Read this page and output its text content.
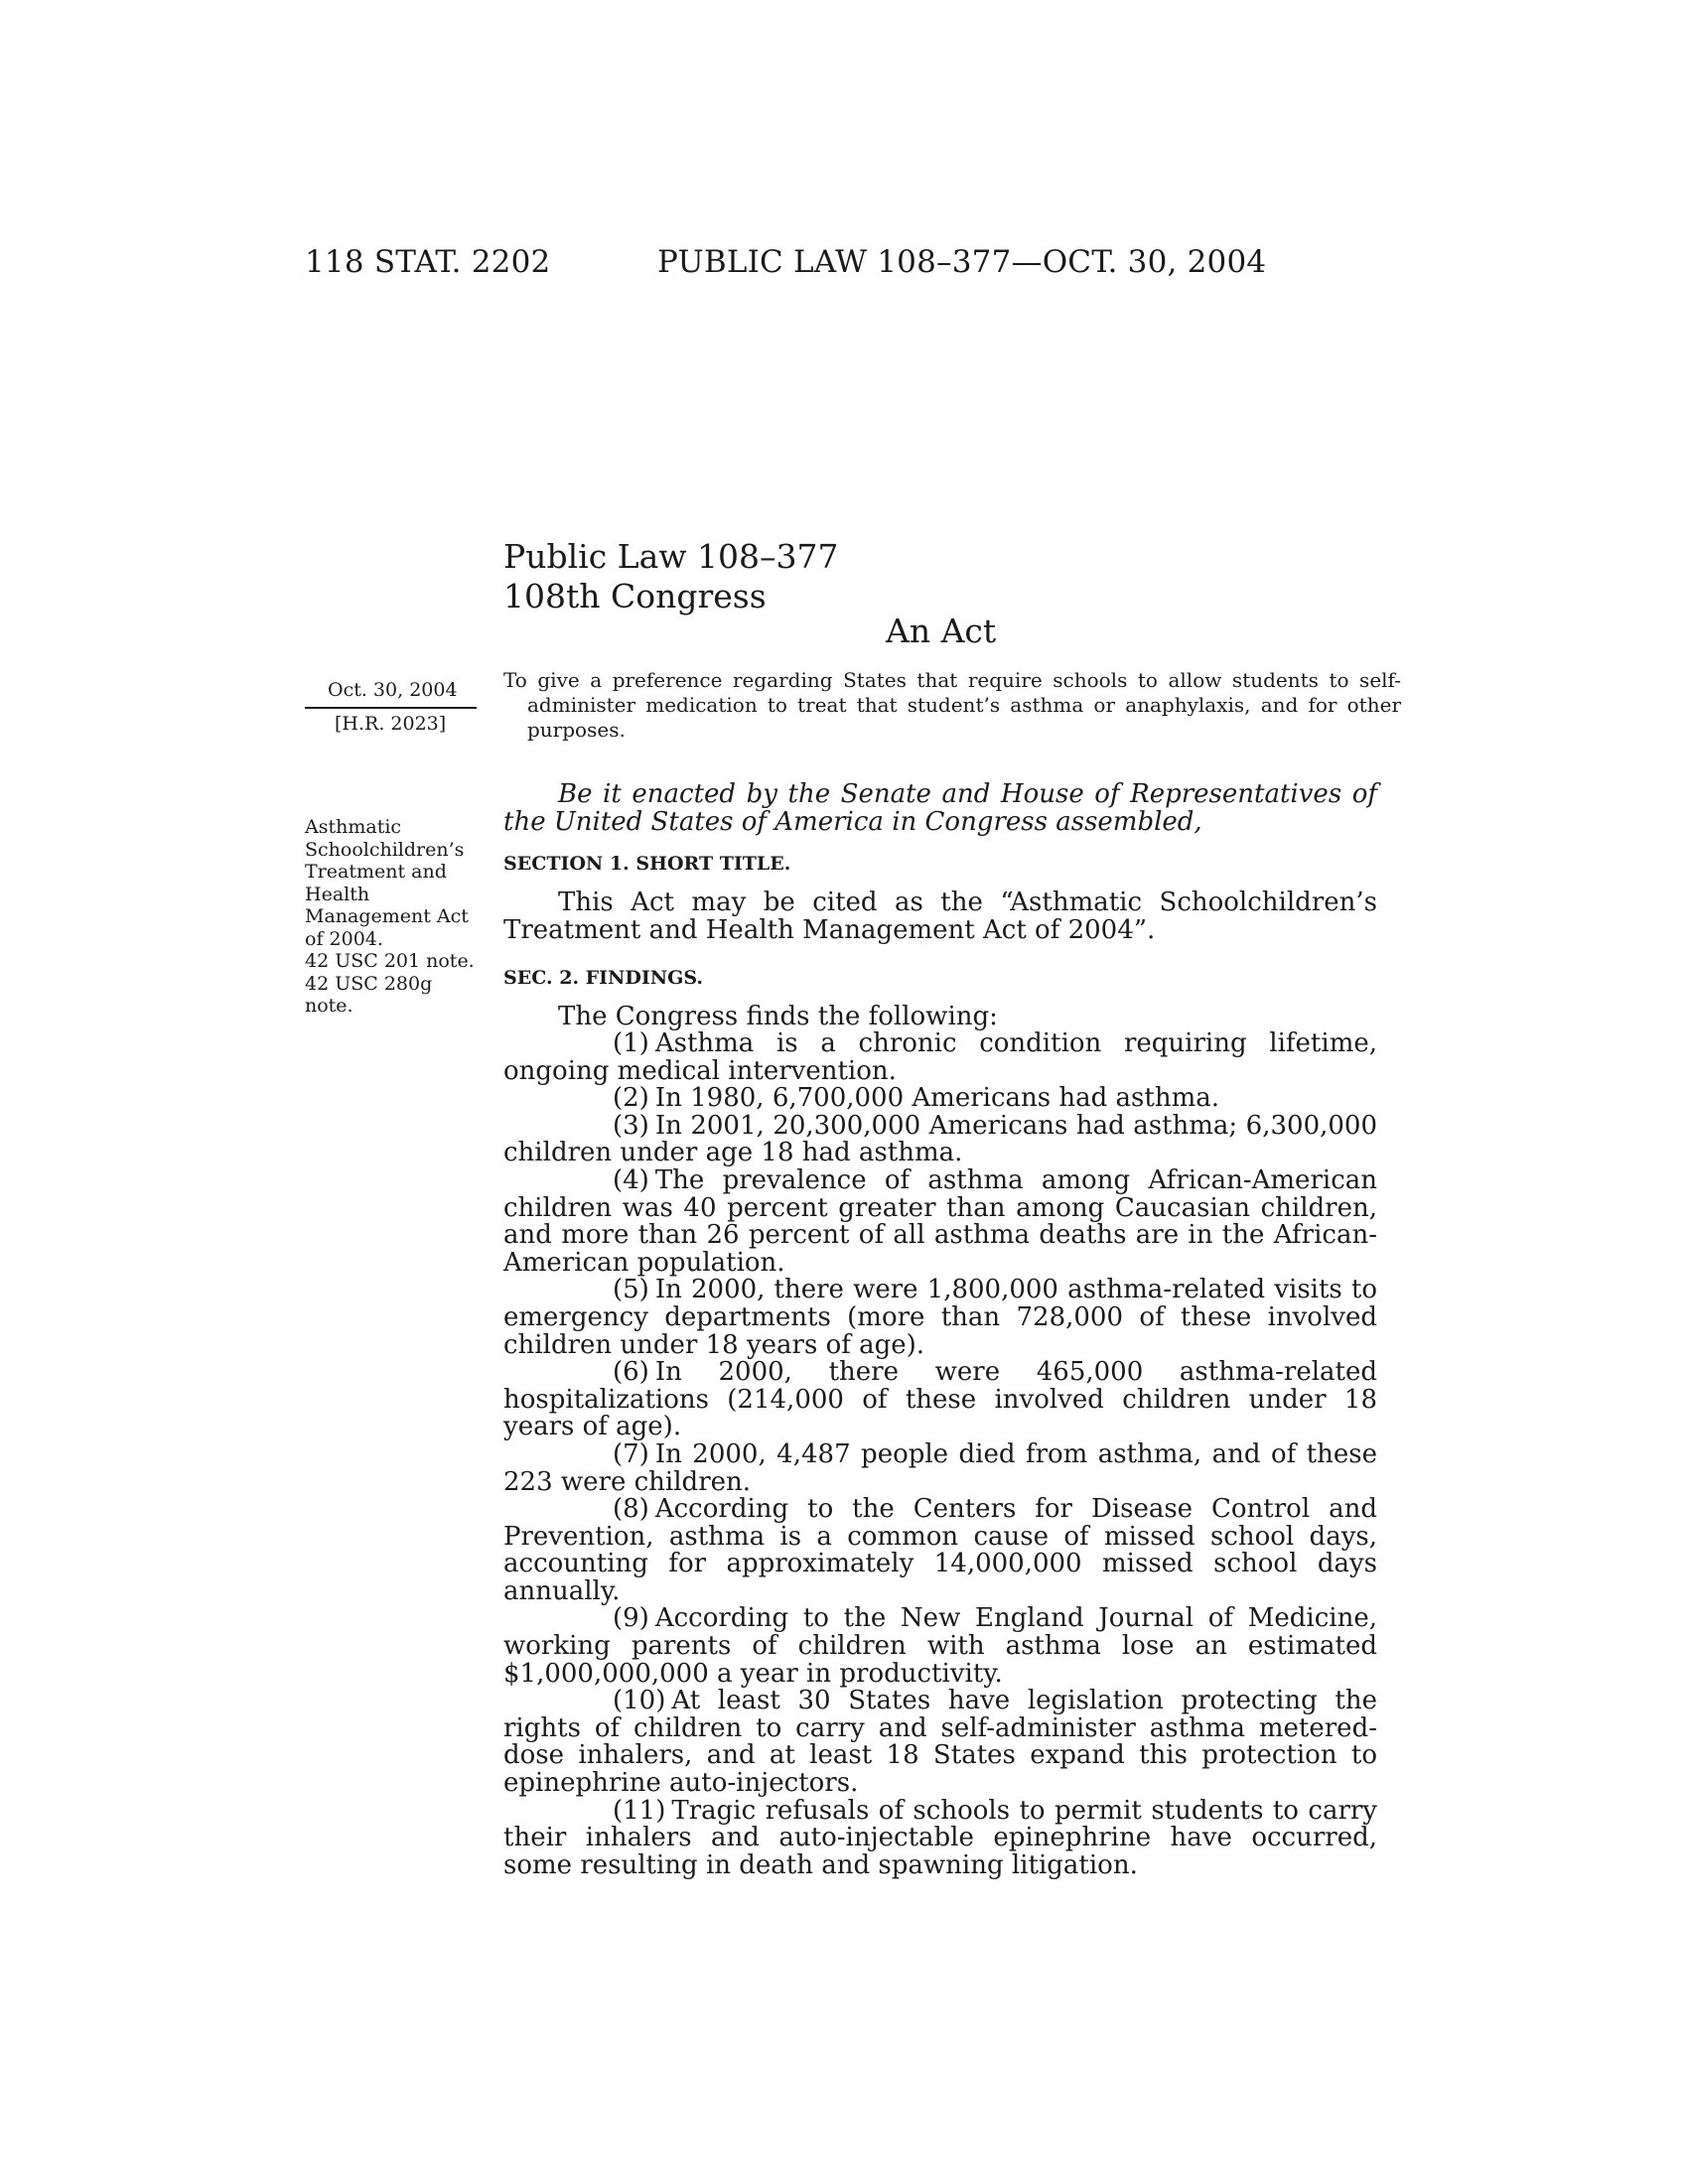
118 STAT. 2202	PUBLIC LAW 108–377—OCT. 30, 2004
Public Law 108–377
108th Congress
An Act
Oct. 30, 2004
[H.R. 2023]
To give a preference regarding States that require schools to allow students to self-administer medication to treat that student’s asthma or anaphylaxis, and for other purposes.
Asthmatic
Schoolchildren’s
Treatment and
Health
Management Act
of 2004.
42 USC 201 note.
42 USC 280g
note.

Be it enacted by the Senate and House of Representatives of the United States of America in Congress assembled,

SECTION 1. SHORT TITLE.

This Act may be cited as the “Asthmatic Schoolchildren’s Treatment and Health Management Act of 2004”.

SEC. 2. FINDINGS.

The Congress finds the following:

(1) Asthma is a chronic condition requiring lifetime, ongoing medical intervention.

(2) In 1980, 6,700,000 Americans had asthma.

(3) In 2001, 20,300,000 Americans had asthma; 6,300,000 children under age 18 had asthma.

(4) The prevalence of asthma among African-American children was 40 percent greater than among Caucasian children, and more than 26 percent of all asthma deaths are in the African-American population.

(5) In 2000, there were 1,800,000 asthma-related visits to emergency departments (more than 728,000 of these involved children under 18 years of age).

(6) In 2000, there were 465,000 asthma-related hospitalizations (214,000 of these involved children under 18 years of age).

(7) In 2000, 4,487 people died from asthma, and of these 223 were children.

(8) According to the Centers for Disease Control and Prevention, asthma is a common cause of missed school days, accounting for approximately 14,000,000 missed school days annually.

(9) According to the New England Journal of Medicine, working parents of children with asthma lose an estimated $1,000,000,000 a year in productivity.

(10) At least 30 States have legislation protecting the rights of children to carry and self-administer asthma metered-dose inhalers, and at least 18 States expand this protection to epinephrine auto-injectors.

(11) Tragic refusals of schools to permit students to carry their inhalers and auto-injectable epinephrine have occurred, some resulting in death and spawning litigation.
